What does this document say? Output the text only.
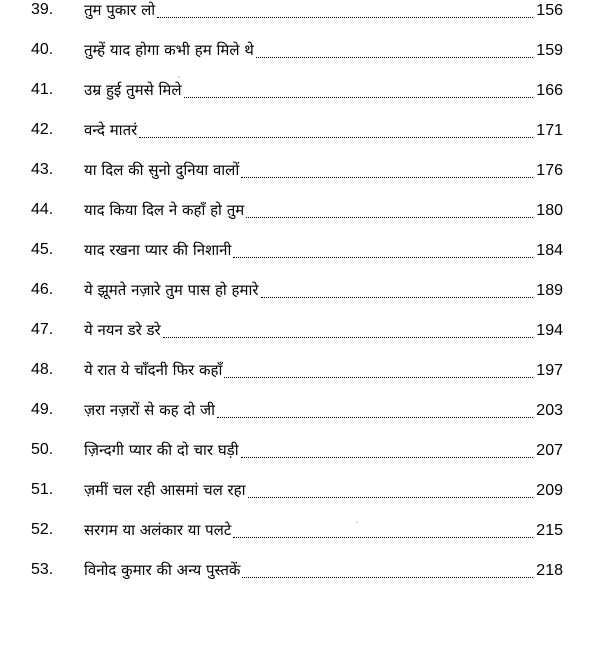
39.	तुम पुकार लो	156
40.	तुम्हें याद होगा कभी हम मिले थे	159
41.	उम्र हुई तुमसे मिले	166
42.	वन्दे मातरं	171
43.	या दिल की सुनो दुनिया वालों	176
44.	याद किया दिल ने कहाँ हो तुम	180
45.	याद रखना प्यार की निशानी	184
46.	ये झूमते नज़ारे तुम पास हो हमारे	189
47.	ये नयन डरे डरे	194
48.	ये रात ये चाँदनी फिर कहाँ	197
49.	ज़रा नज़रों से कह दो जी	203
50.	ज़िन्दगी प्यार की दो चार घड़ी	207
51.	ज़मीं चल रही आसमां चल रहा	209
52.	सरगम या अलंकार या पलटे	215
53.	विनोद कुमार की अन्य पुस्तकें	218
